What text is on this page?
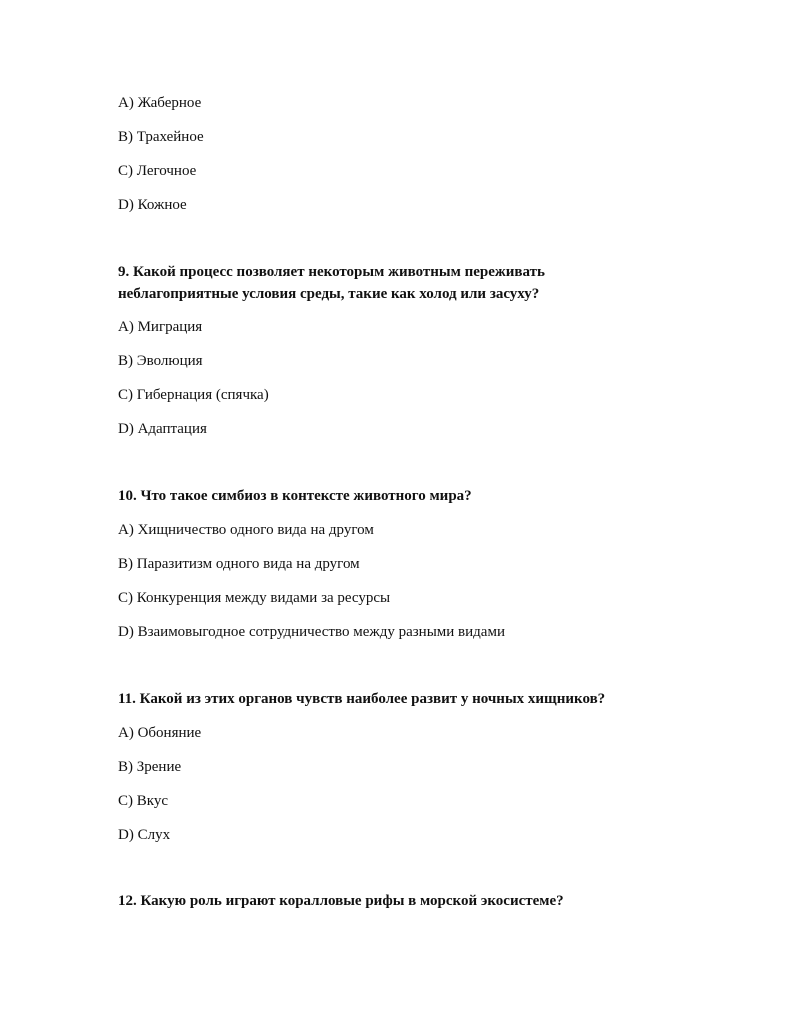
A) Жаберное
B) Трахейное
C) Легочное
D) Кожное
9. Какой процесс позволяет некоторым животным переживать
неблагоприятные условия среды, такие как холод или засуху?
A) Миграция
B) Эволюция
C) Гибернация (спячка)
D) Адаптация
10. Что такое симбиоз в контексте животного мира?
A) Хищничество одного вида на другом
B) Паразитизм одного вида на другом
C) Конкуренция между видами за ресурсы
D) Взаимовыгодное сотрудничество между разными видами
11. Какой из этих органов чувств наиболее развит у ночных хищников?
A) Обоняние
B) Зрение
C) Вкус
D) Слух
12. Какую роль играют коралловые рифы в морской экосистеме?
